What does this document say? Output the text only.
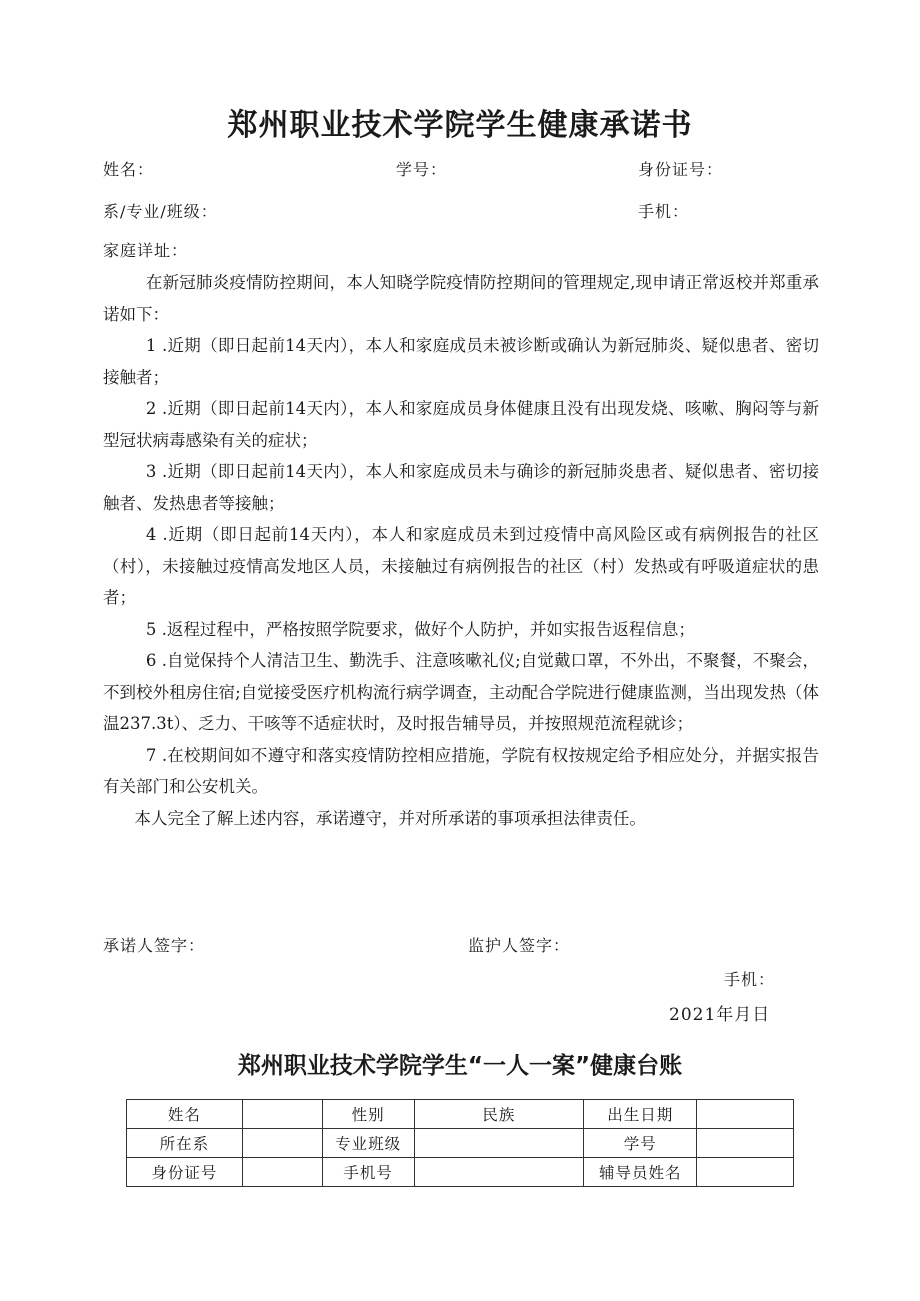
郑州职业技术学院学生健康承诺书
姓名：	学号：	身份证号：
系/专业/班级：	手机：
家庭详址：

在新冠肺炎疫情防控期间，本人知晓学院疫情防控期间的管理规定,现申请正常返校并郑重承诺如下：

1 .近期（即日起前14天内），本人和家庭成员未被诊断或确认为新冠肺炎、疑似患者、密切接触者；

2 .近期（即日起前14天内），本人和家庭成员身体健康且没有出现发烧、咳嗽、胸闷等与新型冠状病毒感染有关的症状；

3 .近期（即日起前14天内），本人和家庭成员未与确诊的新冠肺炎患者、疑似患者、密切接触者、发热患者等接触；

4 .近期（即日起前14天内），本人和家庭成员未到过疫情中高风险区或有病例报告的社区（村），未接触过疫情高发地区人员，未接触过有病例报告的社区（村）发热或有呼吸道症状的患者；

5 .返程过程中，严格按照学院要求，做好个人防护，并如实报告返程信息；

6 .自觉保持个人清洁卫生、勤洗手、注意咳嗽礼仪;自觉戴口罩，不外出，不聚餐，不聚会，不到校外租房住宿;自觉接受医疗机构流行病学调查，主动配合学院进行健康监测，当出现发热（体温237.3t）、乏力、干咳等不适症状时，及时报告辅导员，并按照规范流程就诊；

7 .在校期间如不遵守和落实疫情防控相应措施，学院有权按规定给予相应处分，并据实报告有关部门和公安机关。

本人完全了解上述内容，承诺遵守，并对所承诺的事项承担法律责任。

承诺人签字：	监护人签字：
手机：
2021年月日
郑州职业技术学院学生“一人一案”健康台账
姓名		性别	民族	出生日期	
所在系		专业班级		学号	
身份证号		手机号		辅导员姓名	
